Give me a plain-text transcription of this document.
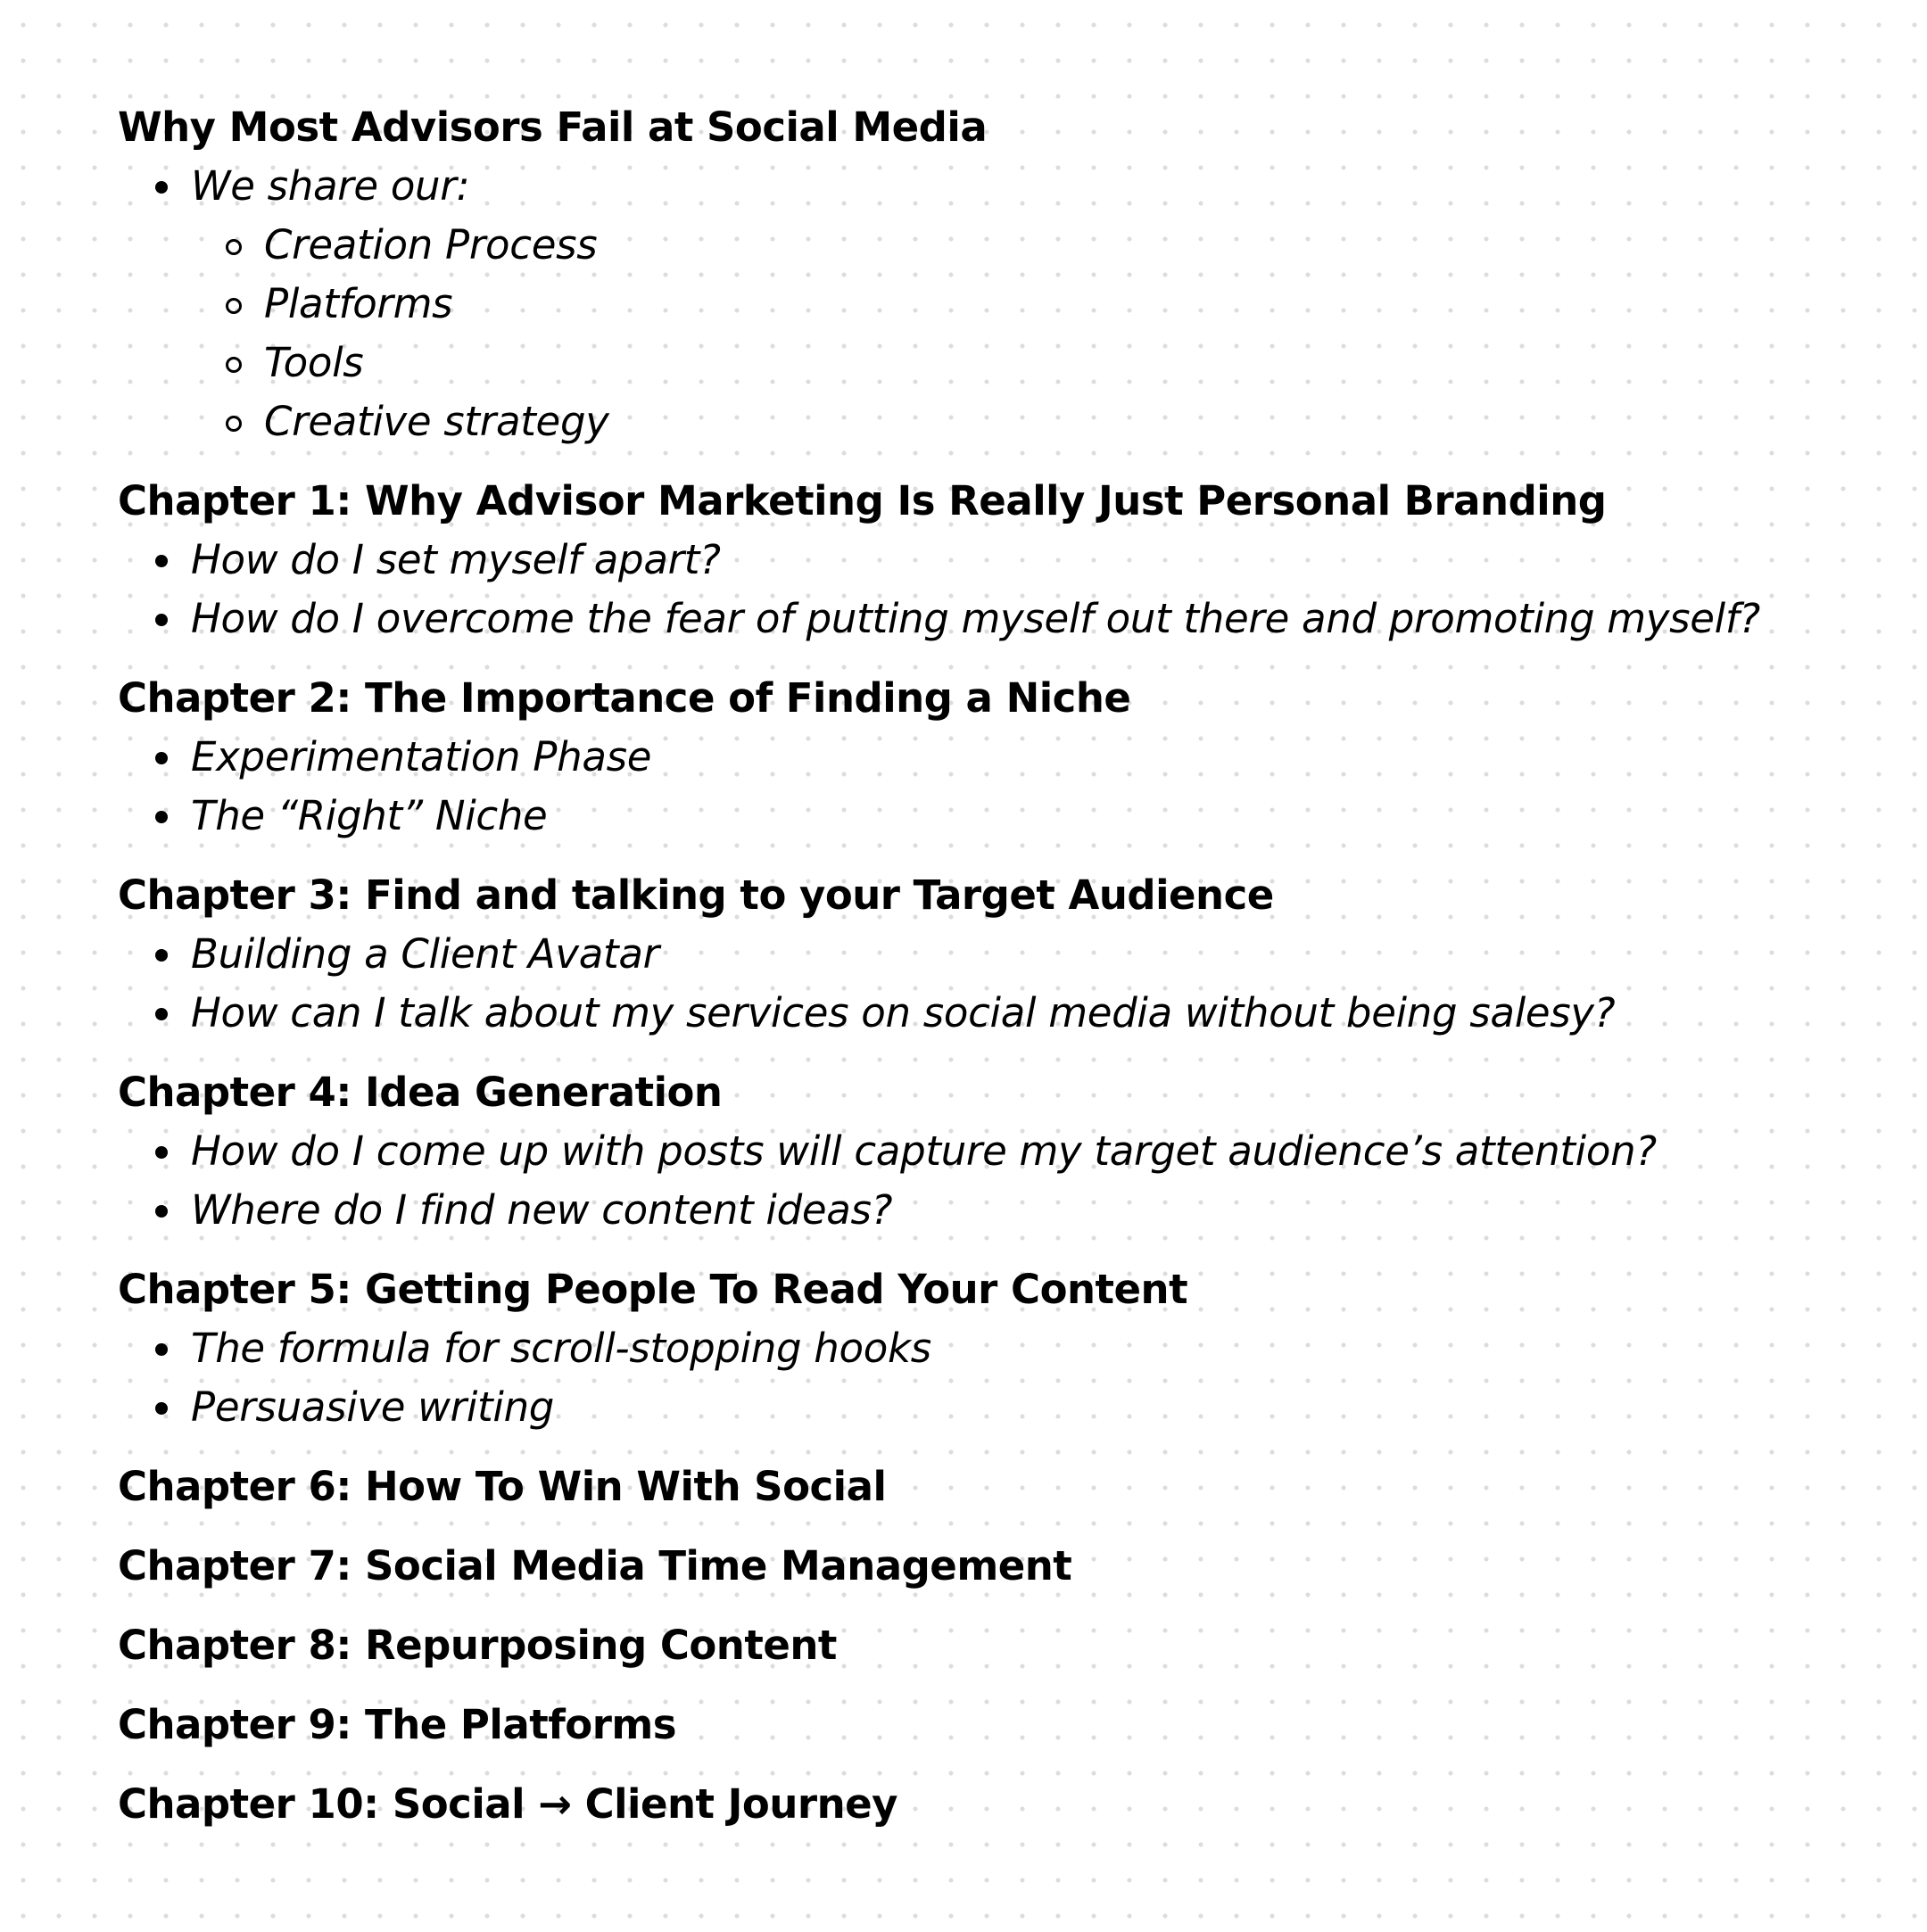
Why Most Advisors Fail at Social Media
We share our:
Creation Process
Platforms
Tools
Creative strategy
Chapter 1: Why Advisor Marketing Is Really Just Personal Branding
How do I set myself apart?
How do I overcome the fear of putting myself out there and promoting myself?
Chapter 2: The Importance of Finding a Niche
Experimentation Phase
The “Right” Niche
Chapter 3: Find and talking to your Target Audience
Building a Client Avatar
How can I talk about my services on social media without being salesy?
Chapter 4: Idea Generation
How do I come up with posts will capture my target audience’s attention?
Where do I find new content ideas?
Chapter 5: Getting People To Read Your Content
The formula for scroll-stopping hooks
Persuasive writing
Chapter 6: How To Win With Social
Chapter 7: Social Media Time Management
Chapter 8: Repurposing Content
Chapter 9: The Platforms
Chapter 10: Social → Client Journey
